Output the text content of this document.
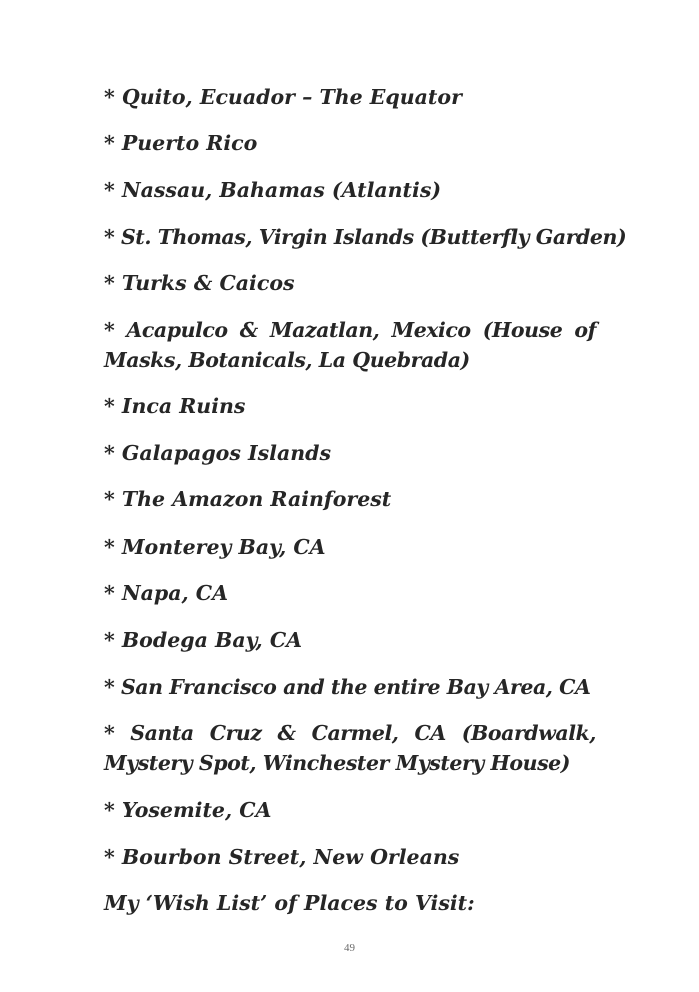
* Quito, Ecuador – The Equator
* Puerto Rico
* Nassau, Bahamas (Atlantis)
* St. Thomas, Virgin Islands (Butterfly Garden)
* Turks & Caicos
* Acapulco & Mazatlan, Mexico (House of Masks, Botanicals, La Quebrada)
* Inca Ruins
* Galapagos Islands
* The Amazon Rainforest
* Monterey Bay, CA
* Napa, CA
* Bodega Bay, CA
* San Francisco and the entire Bay Area, CA
* Santa Cruz & Carmel, CA (Boardwalk, Mystery Spot, Winchester Mystery House)
* Yosemite, CA
* Bourbon Street, New Orleans
My ‘Wish List’ of Places to Visit:
49
